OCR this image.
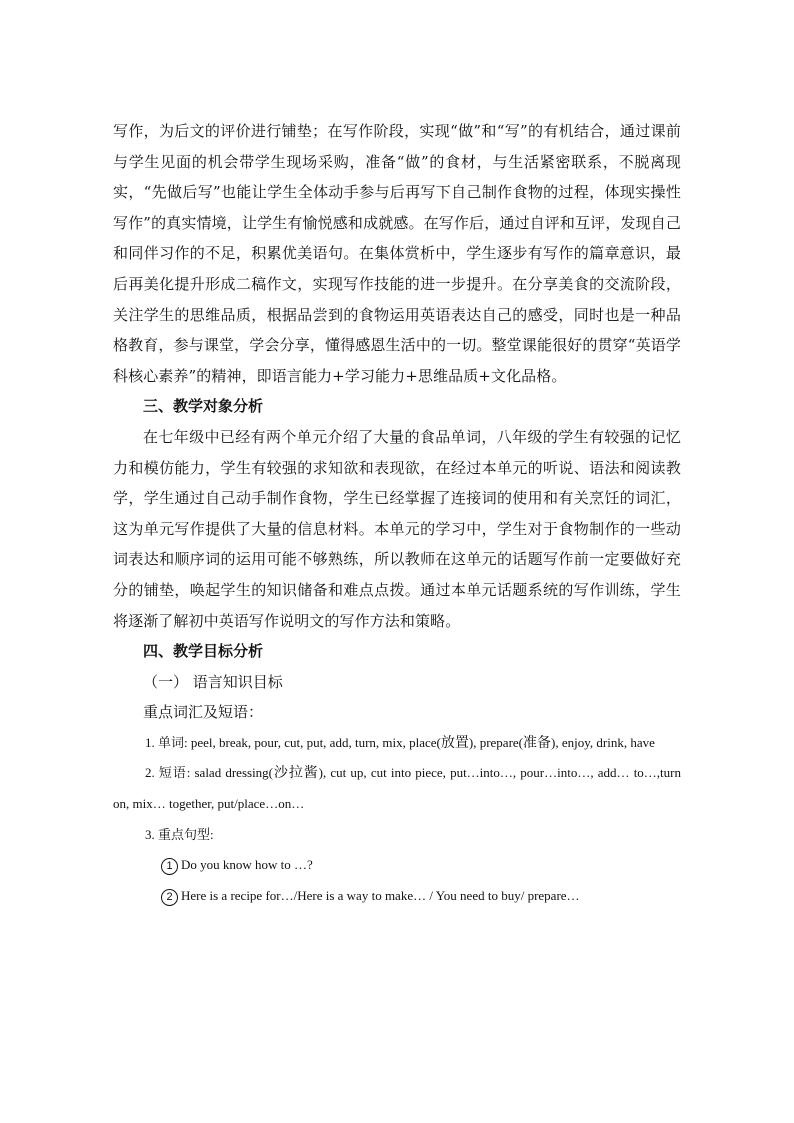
写作，为后文的评价进行铺垫；在写作阶段，实现“做”和“写”的有机结合，通过课前与学生见面的机会带学生现场采购，准备“做”的食材，与生活紧密联系，不脱离现实，“先做后写”也能让学生全体动手参与后再写下自己制作食物的过程，体现实操性写作”的真实情境，让学生有愉悦感和成就感。在写作后，通过自评和互评，发现自己和同伴习作的不足，积累优美语句。在集体赏析中，学生逐步有写作的篇章意识，最后再美化提升形成二稿作文，实现写作技能的进一步提升。在分享美食的交流阶段，关注学生的思维品质，根据品尝到的食物运用英语表达自己的感受，同时也是一种品格教育，参与课堂，学会分享，懂得感恩生活中的一切。整堂课能很好的贯穿“英语学科核心素养”的精神，即语言能力+学习能力+思维品质+文化品格。

三、教学对象分析

在七年级中已经有两个单元介绍了大量的食品单词，八年级的学生有较强的记忆力和模仿能力，学生有较强的求知欲和表现欲，在经过本单元的听说、语法和阅读教学，学生通过自己动手制作食物，学生已经掌握了连接词的使用和有关烹饪的词汇，这为单元写作提供了大量的信息材料。本单元的学习中，学生对于食物制作的一些动词表达和顺序词的运用可能不够熟练，所以教师在这单元的话题写作前一定要做好充分的铺垫，唤起学生的知识储备和难点点拨。通过本单元话题系统的写作训练，学生将逐渐了解初中英语写作说明文的写作方法和策略。

四、教学目标分析

（一） 语言知识目标

重点词汇及短语：

1. 单词: peel, break, pour, cut, put, add, turn, mix, place(放置), prepare(准备), enjoy, drink, have

2. 短语: salad dressing(沙拉酱), cut up, cut into piece, put…into…, pour…into…, add… to…,turn on, mix… together, put/place…on…

3. 重点句型:

1 Do you know how to …?

2 Here is a recipe for…/Here is a way to make… / You need to buy/ prepare…
